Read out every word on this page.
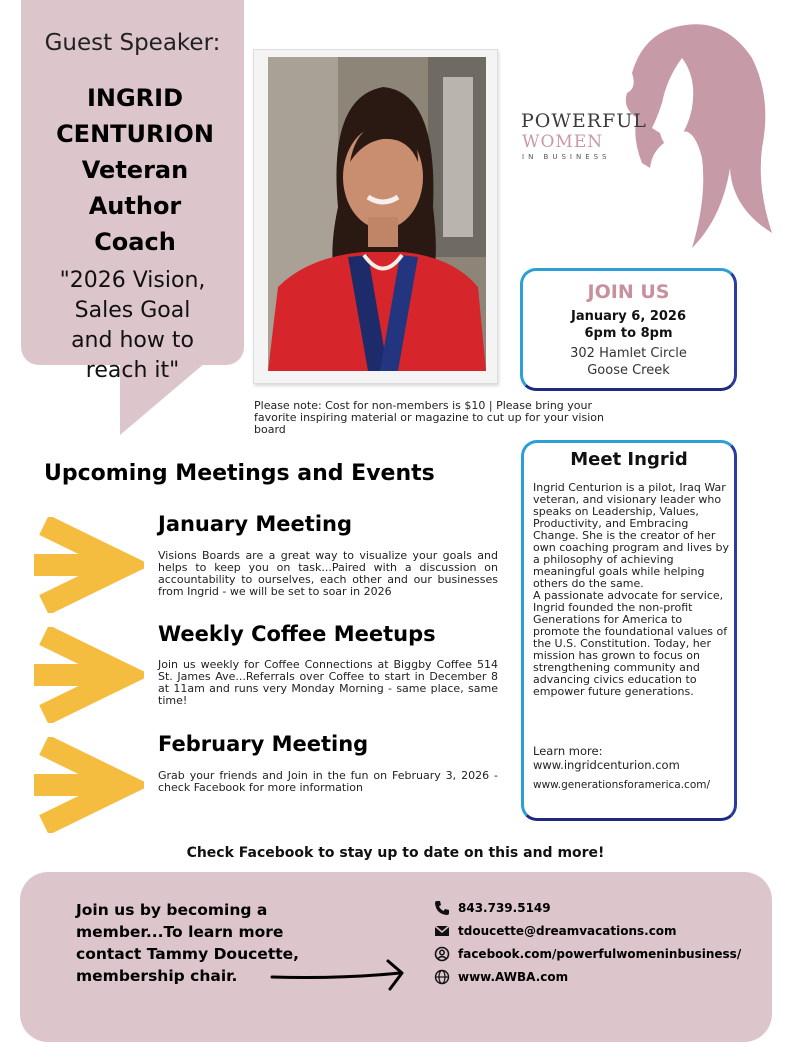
Guest Speaker:
INGRID
CENTURION
Veteran
Author
Coach
"2026 Vision,
Sales Goal
and how to
reach it"
POWERFUL
WOMEN
IN BUSINESS
JOIN US
January 6, 2026
6pm to 8pm
302 Hamlet Circle
Goose Creek
Please note: Cost for non-members is $10 | Please bring your favorite inspiring material or magazine to cut up for your vision board
Upcoming Meetings and Events
January Meeting
Visions Boards are a great way to visualize your goals and helps to keep you on task...Paired with a discussion on accountability to ourselves, each other and our businesses from Ingrid - we will be set to soar in 2026
Weekly Coffee Meetups
Join us weekly for Coffee Connections at Biggby Coffee 514 St. James Ave...Referrals over Coffee to start in December 8 at 11am and runs very Monday Morning - same place, same time!
February Meeting
Grab your friends and Join in the fun on February 3, 2026 - check Facebook for more information
Meet Ingrid
Ingrid Centurion is a pilot, Iraq War veteran, and visionary leader who speaks on Leadership, Values, Productivity, and Embracing Change. She is the creator of her own coaching program and lives by a philosophy of achieving meaningful goals while helping others do the same.
A passionate advocate for service, Ingrid founded the non-profit Generations for America to promote the foundational values of the U.S. Constitution. Today, her mission has grown to focus on strengthening community and advancing civics education to empower future generations.
Learn more:
www.ingridcenturion.com
www.generationsforamerica.com/
Check Facebook to stay up to date on this and more!
Join us by becoming a member...To learn more contact Tammy Doucette, membership chair.
843.739.5149
tdoucette@dreamvacations.com
facebook.com/powerfulwomeninbusiness/
www.AWBA.com
